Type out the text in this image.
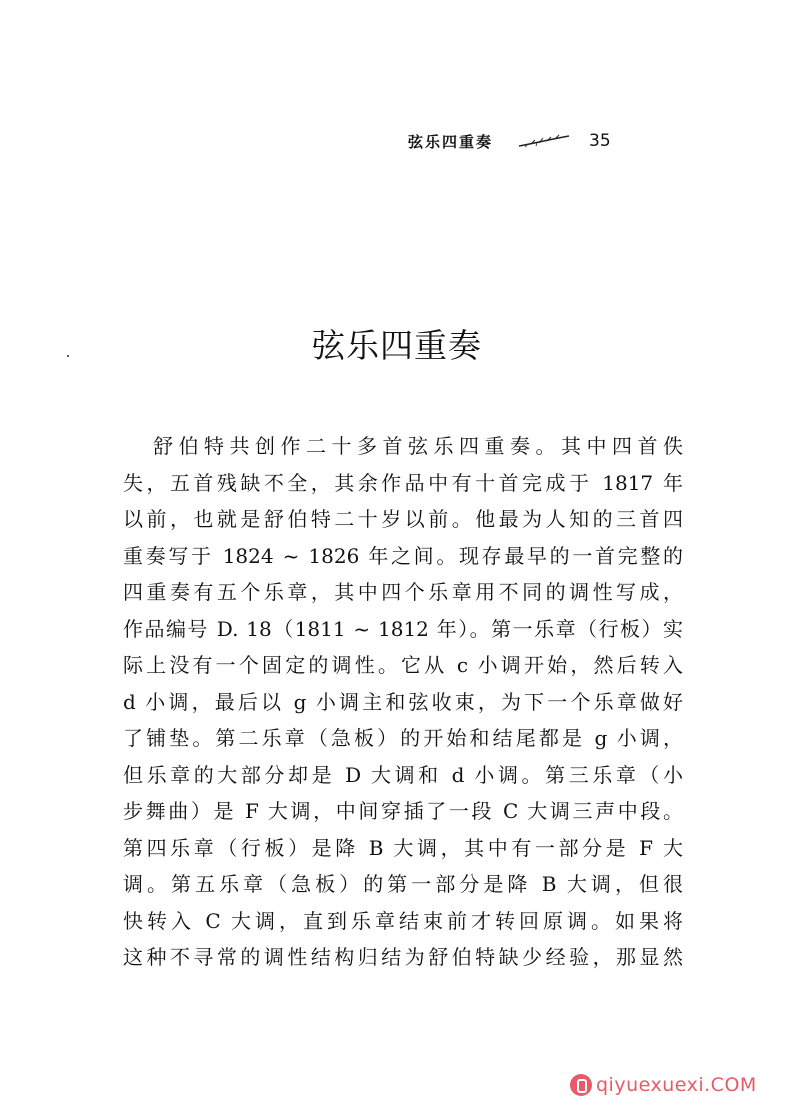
弦乐四重奏	35
弦乐四重奏
舒伯特共创作二十多首弦乐四重奏。其中四首佚
失，五首残缺不全，其余作品中有十首完成于 1817 年
以前，也就是舒伯特二十岁以前。他最为人知的三首四
重奏写于 1824 ~ 1826 年之间。现存最早的一首完整的
四重奏有五个乐章，其中四个乐章用不同的调性写成，
作品编号 D. 18（1811 ~ 1812 年）。第一乐章（行板）实
际上没有一个固定的调性。它从 c 小调开始，然后转入
d 小调，最后以 g 小调主和弦收束，为下一个乐章做好
了铺垫。第二乐章（急板）的开始和结尾都是 g 小调，
但乐章的大部分却是 D 大调和 d 小调。第三乐章（小
步舞曲）是 F 大调，中间穿插了一段 C 大调三声中段。
第四乐章（行板）是降 B 大调，其中有一部分是 F 大
调。第五乐章（急板）的第一部分是降 B 大调，但很
快转入 C 大调，直到乐章结束前才转回原调。如果将
这种不寻常的调性结构归结为舒伯特缺少经验，那显然
qiyuexuexi.COM
